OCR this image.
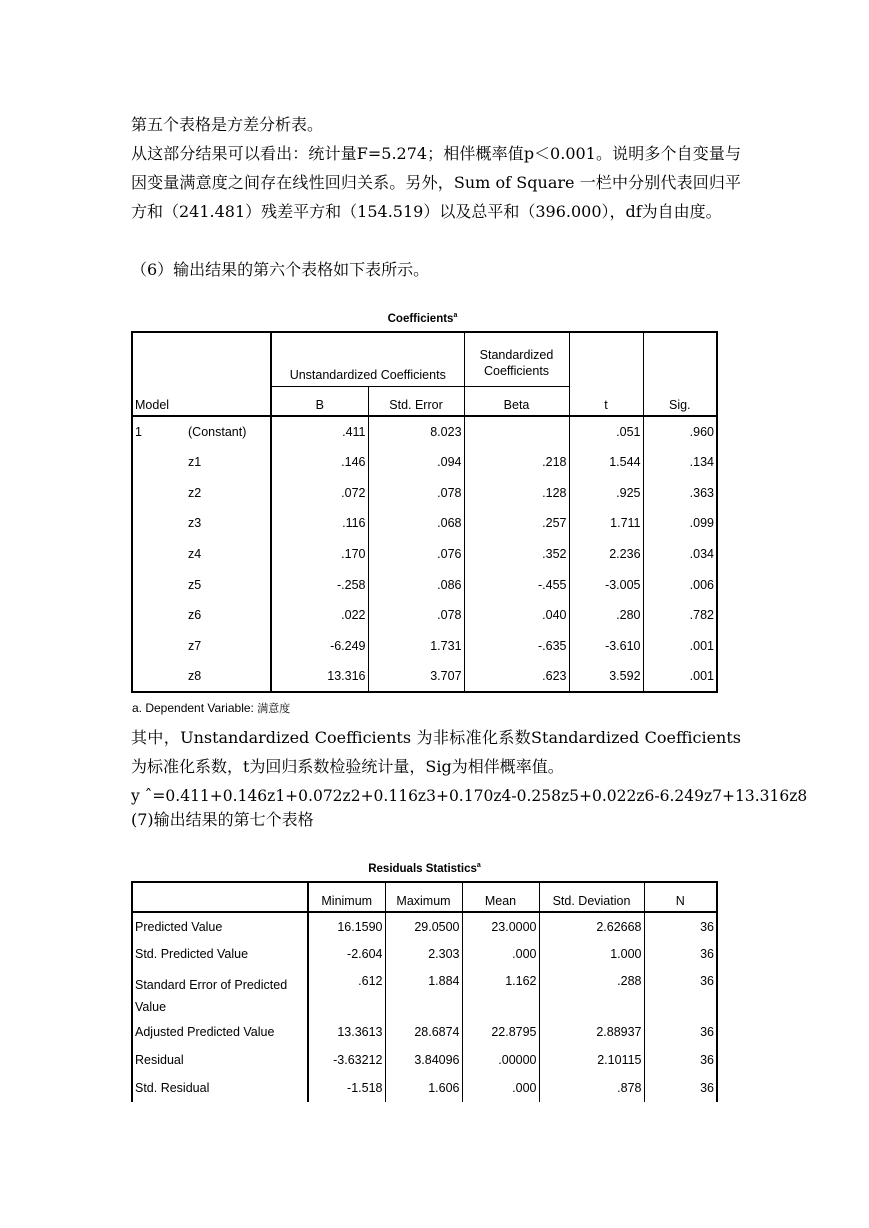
第五个表格是方差分析表。
从这部分结果可以看出：统计量F=5.274；相伴概率值p＜0.001。说明多个自变量与因变量满意度之间存在线性回归关系。另外，Sum of Square 一栏中分别代表回归平方和（241.481）残差平方和（154.519）以及总平和（396.000），df为自由度。
（6）输出结果的第六个表格如下表所示。
Coefficients$^a$
Model		Unstandardized Coefficients		Standardized	t	Sig.
				Coefficients		
		B	Std. Error	Beta		
1	(Constant)	.411	8.023		.051	.960
	z1	.146	.094	.218	1.544	.134
	z2	.072	.078	.128	.925	.363
	z3	.116	.068	.257	1.711	.099
	z4	.170	.076	.352	2.236	.034
	z5	-.258	.086	-.455	-3.005	.006
	z6	.022	.078	.040	.280	.782
	z7	-6.249	1.731	-.635	-3.610	.001
	z8	13.316	3.707	.623	3.592	.001
a. Dependent Variable: 满意度
其中，Unstandardized Coefficients 为非标准化系数Standardized Coefficients 为标准化系数，t为回归系数检验统计量，Sig为相伴概率值。
y ˆ=0.411+0.146z1+0.072z2+0.116z3+0.170z4-0.258z5+0.022z6-6.249z7+13.316z8
(7)输出结果的第七个表格
Residuals Statistics$^a$
	Minimum	Maximum	Mean	Std. Deviation	N
Predicted Value	16.1590	29.0500	23.0000	2.62668	36
Std. Predicted Value	-2.604	2.303	.000	1.000	36
Standard Error of Predicted
Value	.612	1.884	1.162	.288	36
Adjusted Predicted Value	13.3613	28.6874	22.8795	2.88937	36
Residual	-3.63212	3.84096	.00000	2.10115	36
Std. Residual	-1.518	1.606	.000	.878	36
